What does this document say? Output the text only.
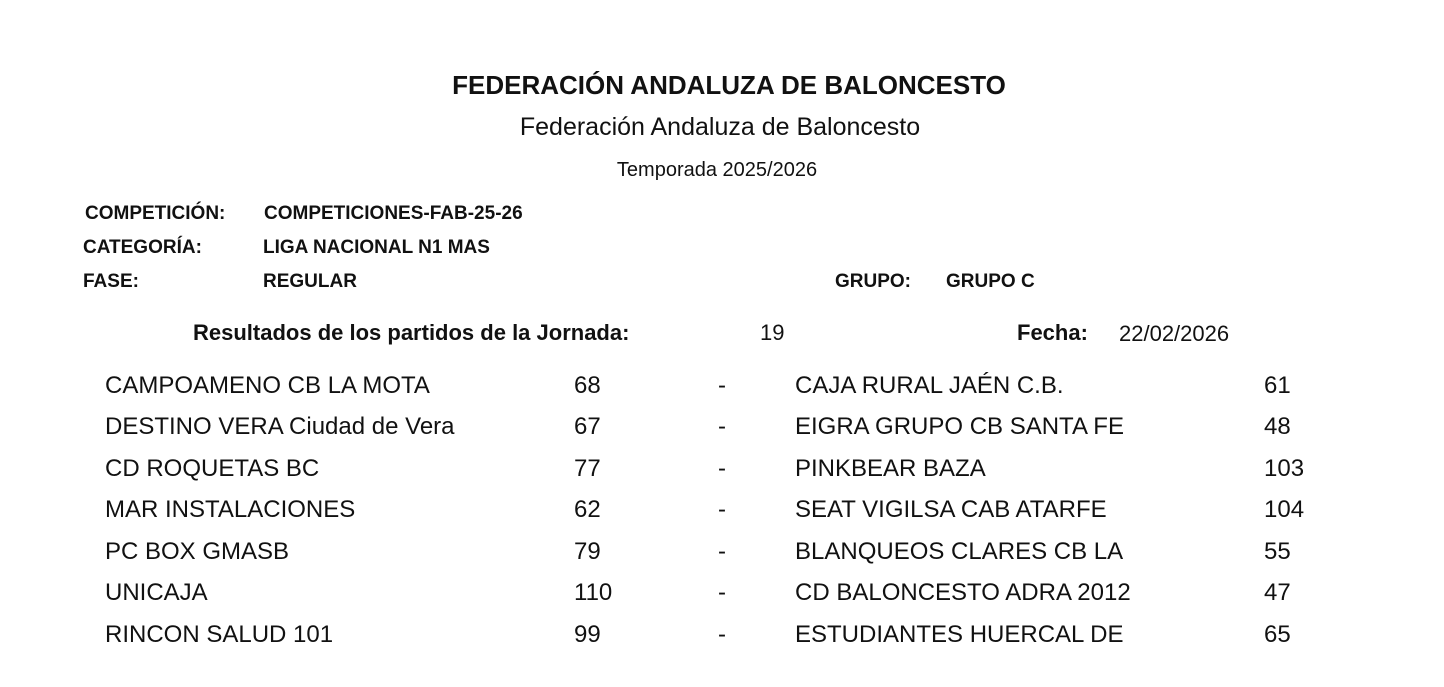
FEDERACIÓN ANDALUZA DE BALONCESTO
Federación Andaluza de Baloncesto
Temporada 2025/2026
COMPETICIÓN: COMPETICIONES-FAB-25-26
CATEGORÍA:	LIGA NACIONAL N1 MAS
FASE:	REGULAR	GRUPO: GRUPO C
Resultados de los partidos de la Jornada:	19	Fecha: 22/02/2026
CAMPOAMENO CB LA MOTA	68	-	CAJA RURAL JAÉN C.B.	61
DESTINO VERA Ciudad de Vera	67	-	EIGRA GRUPO CB SANTA FE	48
CD ROQUETAS BC	77	-	PINKBEAR BAZA	103
MAR INSTALACIONES	62	-	SEAT VIGILSA CAB ATARFE	104
PC BOX GMASB	79	-	BLANQUEOS CLARES CB LA	55
UNICAJA	110	-	CD BALONCESTO ADRA 2012	47
RINCON SALUD 101	99	-	ESTUDIANTES HUERCAL DE	65
